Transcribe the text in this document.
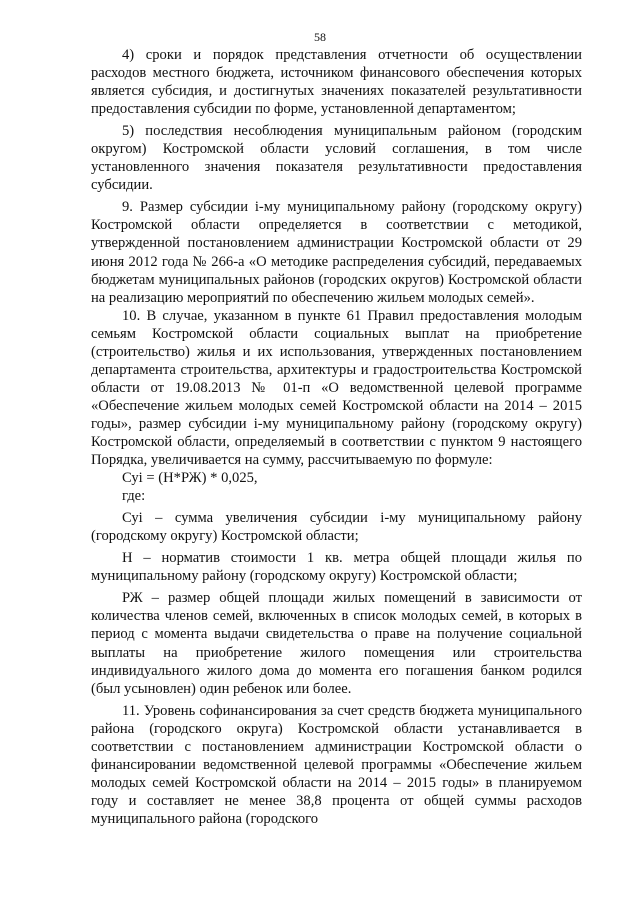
58

4) сроки и порядок представления отчетности об осуществлении расходов местного бюджета, источником финансового обеспечения которых является субсидия, и достигнутых значениях показателей результативности предоставления субсидии по форме, установленной департаментом;

5) последствия несоблюдения муниципальным районом (городским округом) Костромской области условий соглашения, в том числе установленного значения показателя результативности предоставления субсидии.

9. Размер субсидии i-му муниципальному району (городскому округу) Костромской области определяется в соответствии с методикой, утвержденной постановлением администрации Костромской области от 29 июня 2012 года № 266-а «О методике распределения субсидий, передаваемых бюджетам муниципальных районов (городских округов) Костромской области на реализацию мероприятий по обеспечению жильем молодых семей».

10. В случае, указанном в пункте 61 Правил предоставления молодым семьям Костромской области социальных выплат на приобретение (строительство) жилья и их использования, утвержденных постановлением департамента строительства, архитектуры и градостроительства Костромской области от 19.08.2013 № 01-п «О ведомственной целевой программе «Обеспечение жильем молодых семей Костромской области на 2014 – 2015 годы», размер субсидии i-му муниципальному району (городскому округу) Костромской области, определяемый в соответствии с пунктом 9 настоящего Порядка, увеличивается на сумму, рассчитываемую по формуле:

Суi = (Н*РЖ) * 0,025,

где:

Суi – сумма увеличения субсидии i-му муниципальному району (городскому округу) Костромской области;

Н – норматив стоимости 1 кв. метра общей площади жилья по муниципальному району (городскому округу) Костромской области;

РЖ – размер общей площади жилых помещений в зависимости от количества членов семей, включенных в список молодых семей, в которых в период с момента выдачи свидетельства о праве на получение социальной выплаты на приобретение жилого помещения или строительства индивидуального жилого дома до момента его погашения банком родился (был усыновлен) один ребенок или более.

11. Уровень софинансирования за счет средств бюджета муниципального района (городского округа) Костромской области устанавливается в соответствии с постановлением администрации Костромской области о финансировании ведомственной целевой программы «Обеспечение жильем молодых семей Костромской области на 2014 – 2015 годы» в планируемом году и составляет не менее 38,8 процента от общей суммы расходов муниципального района (городского
